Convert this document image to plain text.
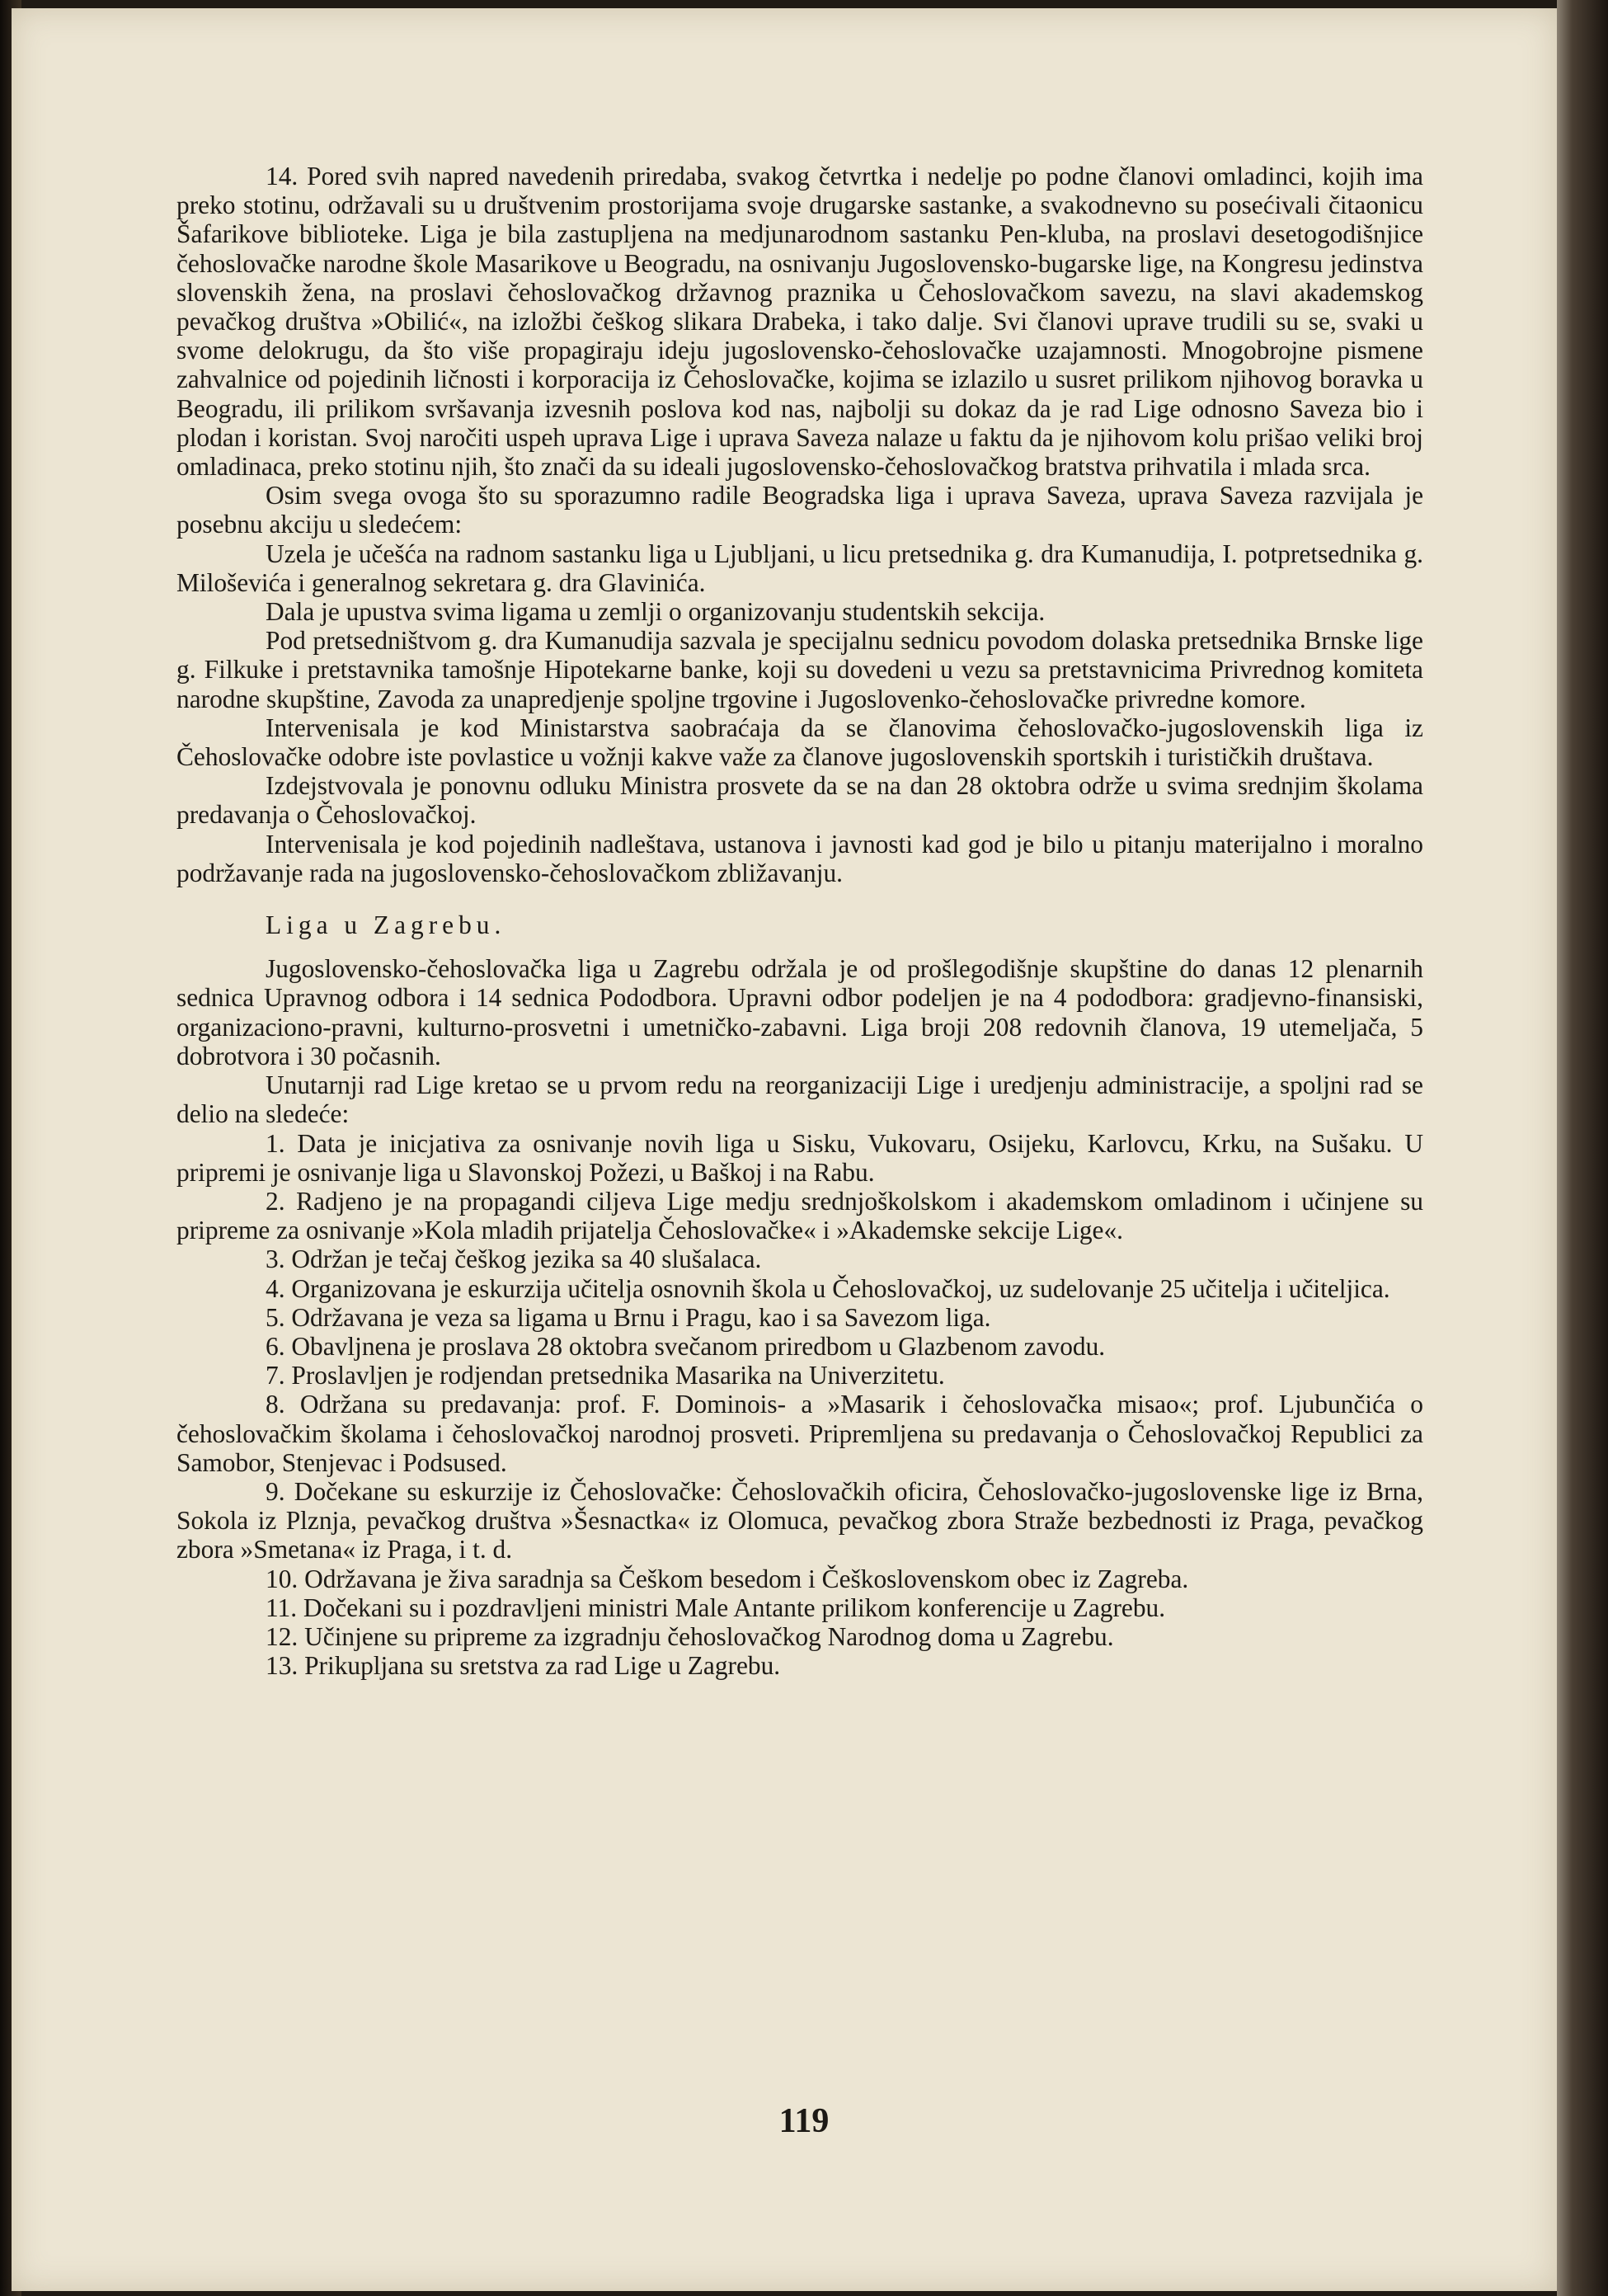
14. Pored svih napred navedenih priredaba, svakog četvrtka i nedelje po podne članovi omladinci, kojih ima preko stotinu, održavali su u društvenim prostorijama svoje drugarske sastanke, a svakodnevno su posećivali čitaonicu Šafarikove biblioteke. Liga je bila zastupljena na medjunarodnom sastanku Pen-kluba, na proslavi desetogodišnjice čehoslovačke narodne škole Masarikove u Beogradu, na osnivanju Jugoslovensko-bugarske lige, na Kongresu jedinstva slovenskih žena, na proslavi čehoslovačkog državnog praznika u Čehoslovačkom savezu, na slavi akademskog pevačkog društva »Obilić«, na izložbi češkog slikara Drabeka, i tako dalje. Svi članovi uprave trudili su se, svaki u svome delokrugu, da što više propagiraju ideju jugoslovensko-čehoslovačke uzajamnosti. Mnogobrojne pismene zahvalnice od pojedinih ličnosti i korporacija iz Čehoslovačke, kojima se izlazilo u susret prilikom njihovog boravka u Beogradu, ili prilikom svršavanja izvesnih poslova kod nas, najbolji su dokaz da je rad Lige odnosno Saveza bio i plodan i koristan. Svoj naročiti uspeh uprava Lige i uprava Saveza nalaze u faktu da je njihovom kolu prišao veliki broj omladinaca, preko stotinu njih, što znači da su ideali jugoslovensko-čehoslovačkog bratstva prihvatila i mlada srca.

Osim svega ovoga što su sporazumno radile Beogradska liga i uprava Saveza, uprava Saveza razvijala je posebnu akciju u sledećem:

Uzela je učešća na radnom sastanku liga u Ljubljani, u licu pretsednika g. dra Kumanudija, I. potpretsednika g. Miloševića i generalnog sekretara g. dra Glavinića.

Dala je upustva svima ligama u zemlji o organizovanju studentskih sekcija.

Pod pretsedništvom g. dra Kumanudija sazvala je specijalnu sednicu povodom dolaska pretsednika Brnske lige g. Filkuke i pretstavnika tamošnje Hipotekarne banke, koji su dovedeni u vezu sa pretstavnicima Privrednog komiteta narodne skupštine, Zavoda za unapredjenje spoljne trgovine i Jugoslovenko-čehoslovačke privredne komore.

Intervenisala je kod Ministarstva saobraćaja da se članovima čehoslovačko-jugoslovenskih liga iz Čehoslovačke odobre iste povlastice u vožnji kakve važe za članove jugoslovenskih sportskih i turističkih društava.

Izdejstvovala je ponovnu odluku Ministra prosvete da se na dan 28 oktobra održe u svima srednjim školama predavanja o Čehoslovačkoj.

Intervenisala je kod pojedinih nadleštava, ustanova i javnosti kad god je bilo u pitanju materijalno i moralno podržavanje rada na jugoslovensko-čehoslovačkom zbližavanju.

Liga u Zagrebu.

Jugoslovensko-čehoslovačka liga u Zagrebu održala je od prošlegodišnje skupštine do danas 12 plenarnih sednica Upravnog odbora i 14 sednica Pododbora. Upravni odbor podeljen je na 4 pododbora: gradjevno-finansiski, organizaciono-pravni, kulturno-prosvetni i umetničko-zabavni. Liga broji 208 redovnih članova, 19 utemeljača, 5 dobrotvora i 30 počasnih.

Unutarnji rad Lige kretao se u prvom redu na reorganizaciji Lige i uredjenju administracije, a spoljni rad se delio na sledeće:

1. Data je inicjativa za osnivanje novih liga u Sisku, Vukovaru, Osijeku, Karlovcu, Krku, na Sušaku. U pripremi je osnivanje liga u Slavonskoj Požezi, u Baškoj i na Rabu.

2. Radjeno je na propagandi ciljeva Lige medju srednjoškolskom i akademskom omladinom i učinjene su pripreme za osnivanje »Kola mladih prijatelja Čehoslovačke« i »Akademske sekcije Lige«.

3. Održan je tečaj češkog jezika sa 40 slušalaca.

4. Organizovana je eskurzija učitelja osnovnih škola u Čehoslovačkoj, uz sudelovanje 25 učitelja i učiteljica.

5. Održavana je veza sa ligama u Brnu i Pragu, kao i sa Savezom liga.

6. Obavljnena je proslava 28 oktobra svečanom priredbom u Glazbenom zavodu.

7. Proslavljen je rodjendan pretsednika Masarika na Univerzitetu.

8. Održana su predavanja: prof. F. Dominois- a »Masarik i čehoslovačka misao«; prof. Ljubunčića o čehoslovačkim školama i čehoslovačkoj narodnoj prosveti. Pripremljena su predavanja o Čehoslovačkoj Republici za Samobor, Stenjevac i Podsused.

9. Dočekane su eskurzije iz Čehoslovačke: Čehoslovačkih oficira, Čehoslovačko-jugoslovenske lige iz Brna, Sokola iz Plznja, pevačkog društva »Šesnactka« iz Olomuca, pevačkog zbora Straže bezbednosti iz Praga, pevačkog zbora »Smetana« iz Praga, i t. d.

10. Održavana je živa saradnja sa Češkom besedom i Češkoslovenskom obec iz Zagreba.

11. Dočekani su i pozdravljeni ministri Male Antante prilikom konferencije u Zagrebu.

12. Učinjene su pripreme za izgradnju čehoslovačkog Narodnog doma u Zagrebu.

13. Prikupljana su sretstva za rad Lige u Zagrebu.

119
